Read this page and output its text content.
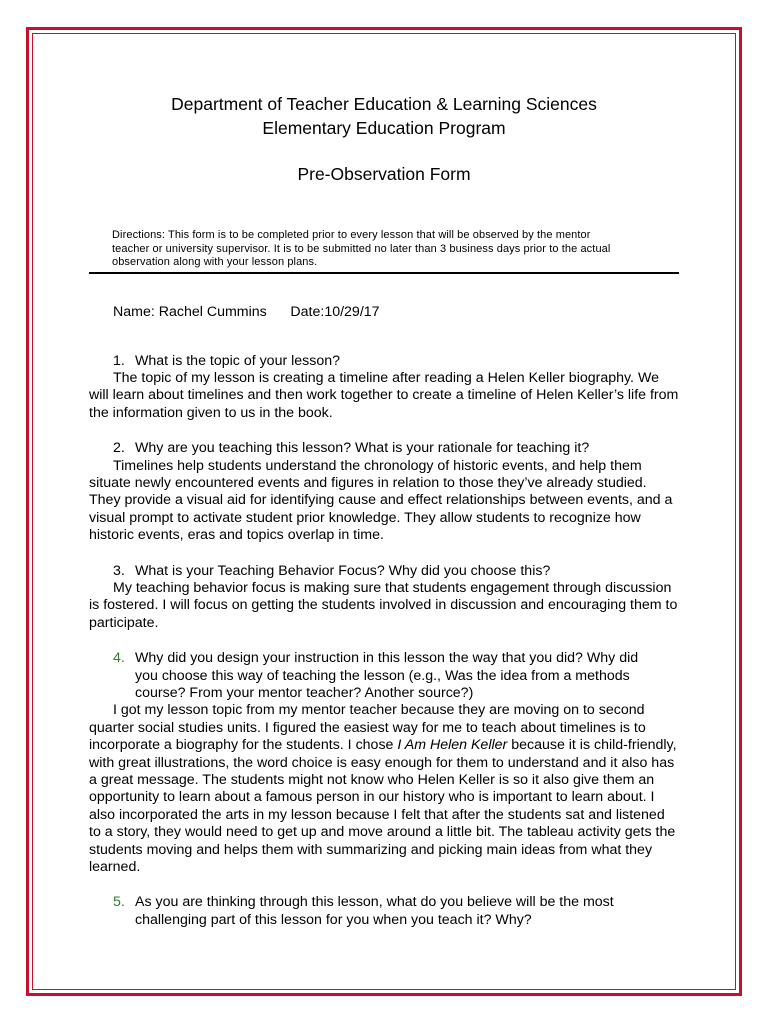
Department of Teacher Education & Learning Sciences
Elementary Education Program
Pre-Observation Form
Directions: This form is to be completed prior to every lesson that will be observed by the mentor
teacher or university supervisor. It is to be submitted no later than 3 business days prior to the actual
observation along with your lesson plans.
Name: Rachel Cummins Date:10/29/17
1. What is the topic of your lesson?

The topic of my lesson is creating a timeline after reading a Helen Keller biography. We will learn about timelines and then work together to create a timeline of Helen Keller’s life from the information given to us in the book.

2. Why are you teaching this lesson? What is your rationale for teaching it?

Timelines help students understand the chronology of historic events, and help them situate newly encountered events and figures in relation to those they’ve already studied. They provide a visual aid for identifying cause and effect relationships between events, and a visual prompt to activate student prior knowledge. They allow students to recognize how historic events, eras and topics overlap in time.

3. What is your Teaching Behavior Focus? Why did you choose this?

My teaching behavior focus is making sure that students engagement through discussion is fostered. I will focus on getting the students involved in discussion and encouraging them to participate.

4. Why did you design your instruction in this lesson the way that you did? Why did
you choose this way of teaching the lesson (e.g., Was the idea from a methods
course? From your mentor teacher? Another source?)

I got my lesson topic from my mentor teacher because they are moving on to second quarter social studies units. I figured the easiest way for me to teach about timelines is to incorporate a biography for the students. I chose I Am Helen Keller because it is child-friendly, with great illustrations, the word choice is easy enough for them to understand and it also has a great message. The students might not know who Helen Keller is so it also give them an opportunity to learn about a famous person in our history who is important to learn about. I also incorporated the arts in my lesson because I felt that after the students sat and listened to a story, they would need to get up and move around a little bit. The tableau activity gets the students moving and helps them with summarizing and picking main ideas from what they learned.

5. As you are thinking through this lesson, what do you believe will be the most
challenging part of this lesson for you when you teach it? Why?
